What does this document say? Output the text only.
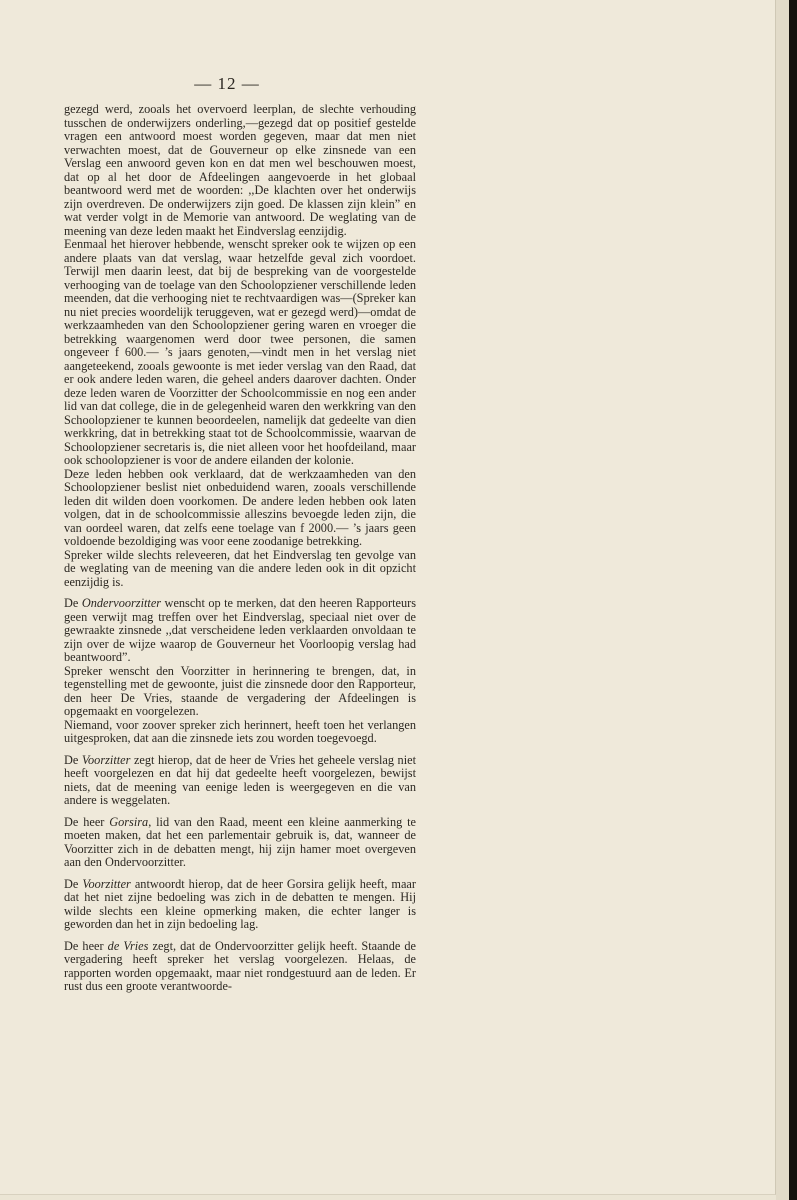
— 12 —

gezegd werd, zooals het overvoerd leerplan, de slechte verhouding tusschen de onderwijzers onderling,—gezegd dat op positief gestelde vragen een antwoord moest worden gegeven, maar dat men niet verwachten moest, dat de Gouverneur op elke zinsnede van een Verslag een anwoord geven kon en dat men wel beschouwen moest, dat op al het door de Afdeelingen aangevoerde in het globaal beantwoord werd met de woorden: ,,De klachten over het onderwijs zijn overdreven. De onderwijzers zijn goed. De klassen zijn klein” en wat verder volgt in de Memorie van antwoord. De weglating van de meening van deze leden maakt het Eindverslag eenzijdig.

Eenmaal het hierover hebbende, wenscht spreker ook te wijzen op een andere plaats van dat verslag, waar hetzelfde geval zich voordoet. Terwijl men daarin leest, dat bij de bespreking van de voorgestelde verhooging van de toelage van den Schoolopziener verschillende leden meenden, dat die verhooging niet te rechtvaardigen was—(Spreker kan nu niet precies woordelijk teruggeven, wat er gezegd werd)—omdat de werkzaamheden van den Schoolopziener gering waren en vroeger die betrekking waargenomen werd door twee personen, die samen ongeveer f 600.— ’s jaars genoten,—vindt men in het verslag niet aangeteekend, zooals gewoonte is met ieder verslag van den Raad, dat er ook andere leden waren, die geheel anders daarover dachten. Onder deze leden waren de Voorzitter der Schoolcommissie en nog een ander lid van dat college, die in de gelegenheid waren den werkkring van den Schoolopziener te kunnen beoordeelen, namelijk dat gedeelte van dien werkkring, dat in betrekking staat tot de Schoolcommissie, waarvan de Schoolopziener secretaris is, die niet alleen voor het hoofdeiland, maar ook schoolopziener is voor de andere eilanden der kolonie.

Deze leden hebben ook verklaard, dat de werkzaamheden van den Schoolopziener beslist niet onbeduidend waren, zooals verschillende leden dit wilden doen voorkomen. De andere leden hebben ook laten volgen, dat in de schoolcommissie alleszins bevoegde leden zijn, die van oordeel waren, dat zelfs eene toelage van f 2000.— ’s jaars geen voldoende bezoldiging was voor eene zoodanige betrekking.

Spreker wilde slechts releveeren, dat het Eindverslag ten gevolge van de weglating van de meening van die andere leden ook in dit opzicht eenzijdig is.

De Ondervoorzitter wenscht op te merken, dat den heeren Rapporteurs geen verwijt mag treffen over het Eindverslag, speciaal niet over de gewraakte zinsnede ,,dat verscheidene leden verklaarden onvoldaan te zijn over de wijze waarop de Gouverneur het Voorloopig verslag had beantwoord”.

Spreker wenscht den Voorzitter in herinnering te brengen, dat, in tegenstelling met de gewoonte, juist die zinsnede door den Rapporteur, den heer De Vries, staande de vergadering der Afdeelingen is opgemaakt en voorgelezen.

Niemand, voor zoover spreker zich herinnert, heeft toen het verlangen uitgesproken, dat aan die zinsnede iets zou worden toegevoegd.

De Voorzitter zegt hierop, dat de heer de Vries het geheele verslag niet heeft voorgelezen en dat hij dat gedeelte heeft voorgelezen, bewijst niets, dat de meening van eenige leden is weergegeven en die van andere is weggelaten.

De heer Gorsira, lid van den Raad, meent een kleine aanmerking te moeten maken, dat het een parlementair gebruik is, dat, wanneer de Voorzitter zich in de debatten mengt, hij zijn hamer moet overgeven aan den Ondervoorzitter.

De Voorzitter antwoordt hierop, dat de heer Gorsira gelijk heeft, maar dat het niet zijne bedoeling was zich in de debatten te mengen. Hij wilde slechts een kleine opmerking maken, die echter langer is geworden dan het in zijn bedoeling lag.

De heer de Vries zegt, dat de Ondervoorzitter gelijk heeft. Staande de vergadering heeft spreker het verslag voorgelezen. Helaas, de rapporten worden opgemaakt, maar niet rondgestuurd aan de leden. Er rust dus een groote verantwoorde-
